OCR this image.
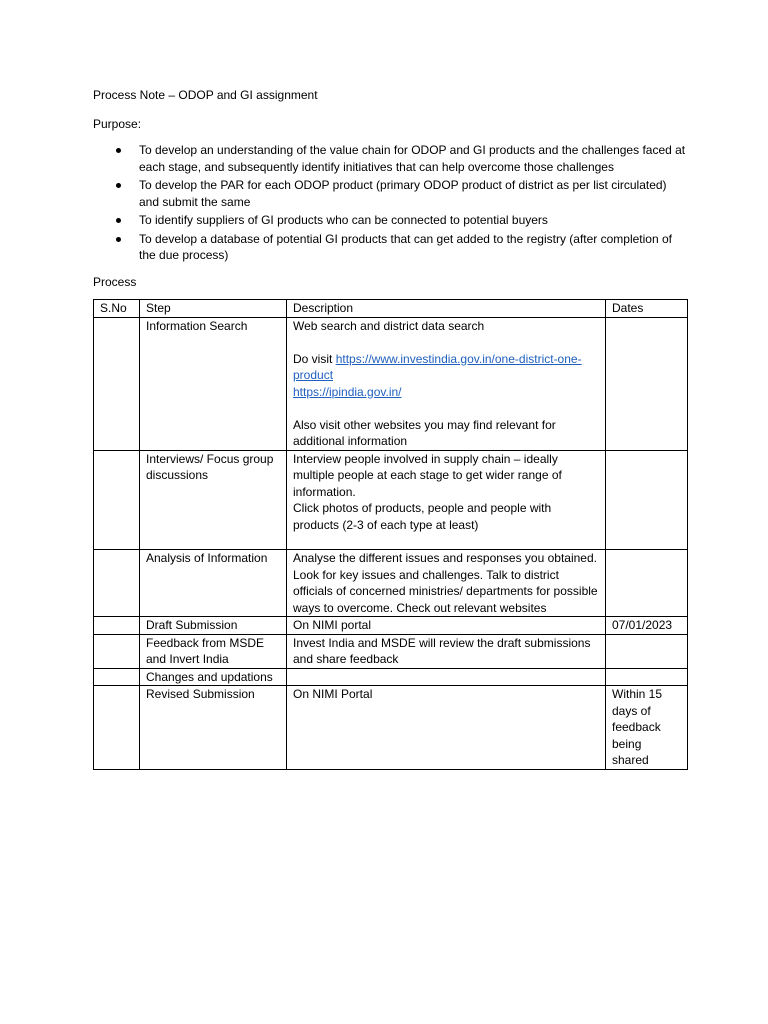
Process Note – ODOP and GI assignment

Purpose:

To develop an understanding of the value chain for ODOP and GI products and the challenges faced at each stage, and subsequently identify initiatives that can help overcome those challenges
To develop the PAR for each ODOP product (primary ODOP product of district as per list circulated) and submit the same
To identify suppliers of GI products who can be connected to potential buyers
To develop a database of potential GI products that can get added to the registry (after completion of the due process)

Process

S.No	Step	Description	Dates
	Information Search	Web search and district data search

Do visit https://www.investindia.gov.in/one-district-one-product
https://ipindia.gov.in/

Also visit other websites you may find relevant for additional information	

	Interviews/ Focus group discussions	Interview people involved in supply chain – ideally multiple people at each stage to get wider range of information.

Click photos of products, people and people with products (2-3 of each type at least)	

	Analysis of Information	Analyse the different issues and responses you obtained. Look for key issues and challenges. Talk to district officials of concerned ministries/ departments for possible ways to overcome. Check out relevant websites	
	Draft Submission	On NIMI portal	07/01/2023
	Feedback from MSDE and Invert India	Invest India and MSDE will review the draft submissions and share feedback	
	Changes and updations		
	Revised Submission	On NIMI Portal	Within 15 days of feedback being shared
